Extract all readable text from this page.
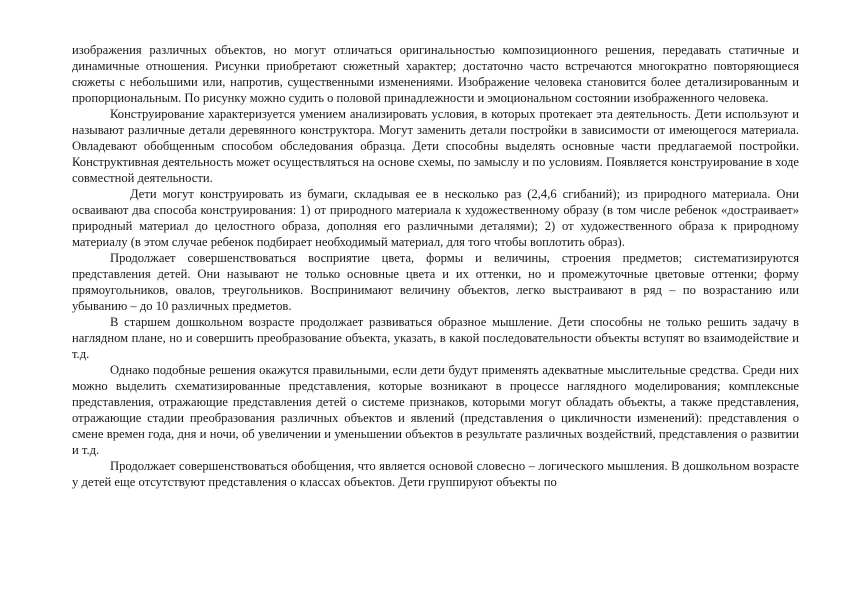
изображения различных объектов, но могут отличаться оригинальностью композиционного решения, передавать статичные и динамичные отношения. Рисунки приобретают сюжетный характер; достаточно часто встречаются многократно повторяющиеся сюжеты с небольшими или, напротив, существенными изменениями. Изображение человека становится более детализированным и пропорциональным. По рисунку можно судить о половой принадлежности и эмоциональном состоянии изображенного человека.

Конструирование характеризуется умением анализировать условия, в которых протекает эта деятельность. Дети используют и называют различные детали деревянного конструктора. Могут заменить детали постройки в зависимости от имеющегося материала. Овладевают обобщенным способом обследования образца. Дети способны выделять основные части предлагаемой постройки. Конструктивная деятельность может осуществляться на основе схемы, по замыслу и по условиям. Появляется конструирование в ходе совместной деятельности.

Дети могут конструировать из бумаги, складывая ее в несколько раз (2,4,6 сгибаний); из природного материала. Они осваивают два способа конструирования: 1) от природного материала к художественному образу (в том числе ребенок «достраивает» природный материал до целостного образа, дополняя его различными деталями); 2) от художественного образа к природному материалу (в этом случае ребенок подбирает необходимый материал, для того чтобы воплотить образ).

Продолжает совершенствоваться восприятие цвета, формы и величины, строения предметов; систематизируются представления детей. Они называют не только основные цвета и их оттенки, но и промежуточные цветовые оттенки; форму прямоугольников, овалов, треугольников. Воспринимают величину объектов, легко выстраивают в ряд – по возрастанию или убыванию – до 10 различных предметов.

В старшем дошкольном возрасте продолжает развиваться образное мышление. Дети способны не только решить задачу в наглядном плане, но и совершить преобразование объекта, указать, в какой последовательности объекты вступят во взаимодействие и т.д.

Однако подобные решения окажутся правильными, если дети будут применять адекватные мыслительные средства. Среди них можно выделить схематизированные представления, которые возникают в процессе наглядного моделирования; комплексные представления, отражающие представления детей о системе признаков, которыми могут обладать объекты, а также представления, отражающие стадии преобразования различных объектов и явлений (представления о цикличности изменений): представления о смене времен года, дня и ночи, об увеличении и уменьшении объектов в результате различных воздействий, представления о развитии и т.д.

Продолжает совершенствоваться обобщения, что является основой словесно – логического мышления. В дошкольном возрасте у детей еще отсутствуют представления о классах объектов. Дети группируют объекты по
